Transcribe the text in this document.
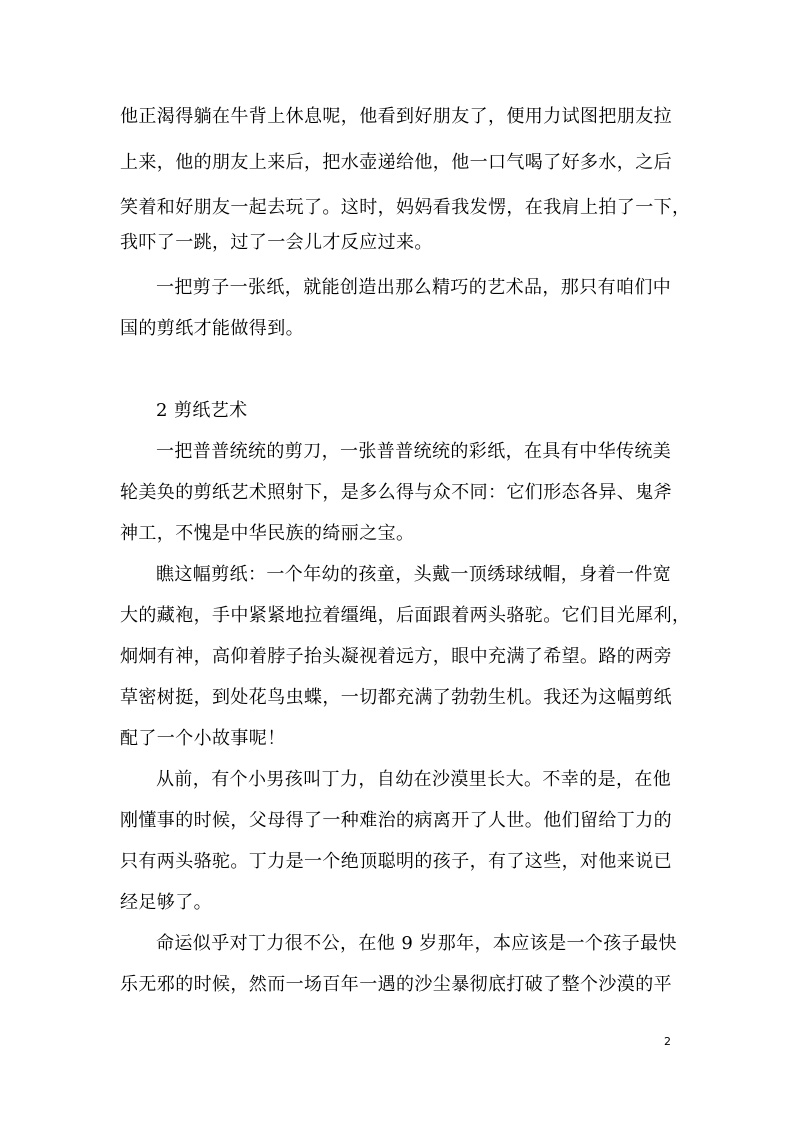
他正渴得躺在牛背上休息呢，他看到好朋友了，便用力试图把朋友拉
上来，他的朋友上来后，把水壶递给他，他一口气喝了好多水，之后
笑着和好朋友一起去玩了。这时，妈妈看我发愣，在我肩上拍了一下，
我吓了一跳，过了一会儿才反应过来。
一把剪子一张纸，就能创造出那么精巧的艺术品，那只有咱们中
国的剪纸才能做得到。
2 剪纸艺术
一把普普统统的剪刀，一张普普统统的彩纸，在具有中华传统美
轮美奂的剪纸艺术照射下，是多么得与众不同：它们形态各异、鬼斧
神工，不愧是中华民族的绮丽之宝。
瞧这幅剪纸：一个年幼的孩童，头戴一顶绣球绒帽，身着一件宽
大的藏袍，手中紧紧地拉着缰绳，后面跟着两头骆驼。它们目光犀利，
炯炯有神，高仰着脖子抬头凝视着远方，眼中充满了希望。路的两旁
草密树挺，到处花鸟虫蝶，一切都充满了勃勃生机。我还为这幅剪纸
配了一个小故事呢！
从前，有个小男孩叫丁力，自幼在沙漠里长大。不幸的是，在他
刚懂事的时候，父母得了一种难治的病离开了人世。他们留给丁力的
只有两头骆驼。丁力是一个绝顶聪明的孩子，有了这些，对他来说已
经足够了。
命运似乎对丁力很不公，在他 9 岁那年，本应该是一个孩子最快
乐无邪的时候，然而一场百年一遇的沙尘暴彻底打破了整个沙漠的平
2
